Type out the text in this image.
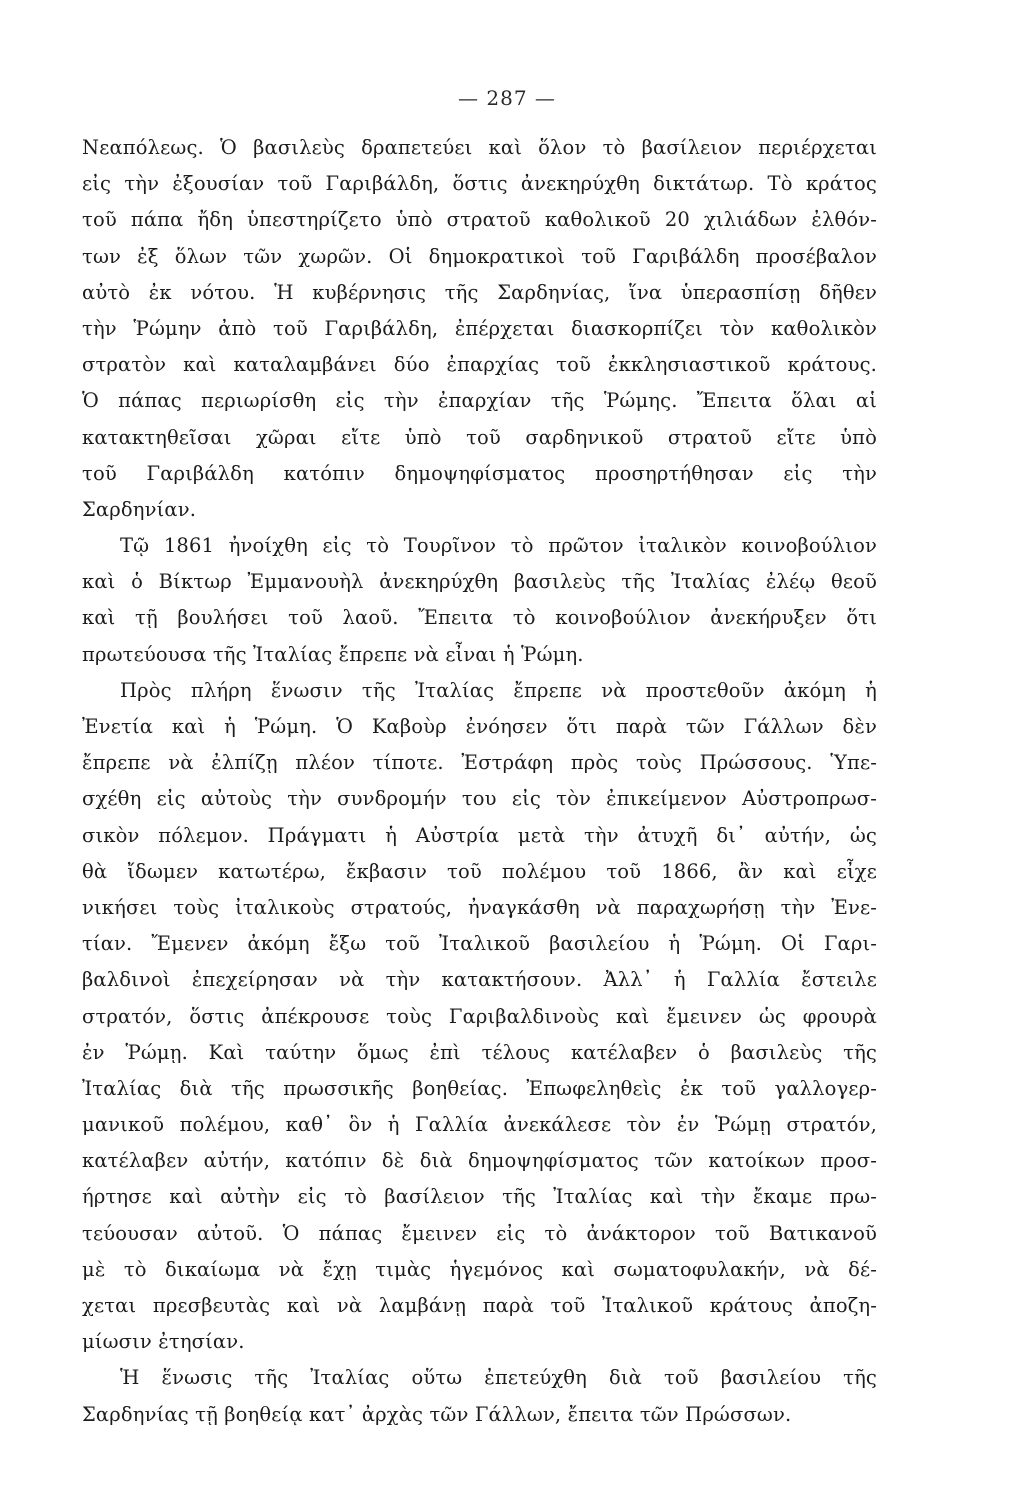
— 287 —
Νεαπόλεως. Ὁ βασιλεὺς δραπετεύει καὶ ὅλον τὸ βασίλειον περιέρχεται
εἰς τὴν ἐξουσίαν τοῦ Γαριβάλδη, ὅστις ἀνεκηρύχθη δικτάτωρ. Τὸ κράτος
τοῦ πάπα ἤδη ὑπεστηρίζετο ὑπὸ στρατοῦ καθολικοῦ 20 χιλιάδων ἐλθόν-
των ἐξ ὅλων τῶν χωρῶν. Οἱ δημοκρατικοὶ τοῦ Γαριβάλδη προσέβαλον
αὐτὸ ἐκ νότου. Ἡ κυβέρνησις τῆς Σαρδηνίας, ἵνα ὑπερασπίσῃ δῆθεν
τὴν Ῥώμην ἀπὸ τοῦ Γαριβάλδη, ἐπέρχεται διασκορπίζει τὸν καθολικὸν
στρατὸν καὶ καταλαμβάνει δύο ἐπαρχίας τοῦ ἐκκλησιαστικοῦ κράτους.
Ὁ πάπας περιωρίσθη εἰς τὴν ἐπαρχίαν τῆς Ῥώμης. Ἔπειτα ὅλαι αἱ
κατακτηθεῖσαι χῶραι εἴτε ὑπὸ τοῦ σαρδηνικοῦ στρατοῦ εἴτε ὑπὸ
τοῦ Γαριβάλδη κατόπιν δημοψηφίσματος προσηρτήθησαν εἰς τὴν
Σαρδηνίαν.
Τῷ 1861 ἠνοίχθη εἰς τὸ Τουρῖνον τὸ πρῶτον ἰταλικὸν κοινοβούλιον
καὶ ὁ Βίκτωρ Ἐμμανουὴλ ἀνεκηρύχθη βασιλεὺς τῆς Ἰταλίας ἐλέῳ θεοῦ
καὶ τῇ βουλήσει τοῦ λαοῦ. Ἔπειτα τὸ κοινοβούλιον ἀνεκήρυξεν ὅτι
πρωτεύουσα τῆς Ἰταλίας ἔπρεπε νὰ εἶναι ἡ Ῥώμη.
Πρὸς πλήρη ἕνωσιν τῆς Ἰταλίας ἔπρεπε νὰ προστεθοῦν ἀκόμη ἡ
Ἐνετία καὶ ἡ Ῥώμη. Ὁ Καβοὺρ ἐνόησεν ὅτι παρὰ τῶν Γάλλων δὲν
ἔπρεπε νὰ ἐλπίζῃ πλέον τίποτε. Ἐστράφη πρὸς τοὺς Πρώσσους. Ὑπε-
σχέθη εἰς αὐτοὺς τὴν συνδρομήν του εἰς τὸν ἐπικείμενον Αὐστροπρωσ-
σικὸν πόλεμον. Πράγματι ἡ Αὐστρία μετὰ τὴν ἀτυχῆ δι᾽ αὐτήν, ὡς
θὰ ἴδωμεν κατωτέρω, ἔκβασιν τοῦ πολέμου τοῦ 1866, ἂν καὶ εἶχε
νικήσει τοὺς ἰταλικοὺς στρατούς, ἠναγκάσθη νὰ παραχωρήσῃ τὴν Ἐνε-
τίαν. Ἔμενεν ἀκόμη ἔξω τοῦ Ἰταλικοῦ βασιλείου ἡ Ῥώμη. Οἱ Γαρι-
βαλδινοὶ ἐπεχείρησαν νὰ τὴν κατακτήσουν. Ἀλλ᾽ ἡ Γαλλία ἔστειλε
στρατόν, ὅστις ἀπέκρουσε τοὺς Γαριβαλδινοὺς καὶ ἔμεινεν ὡς φρουρὰ
ἐν Ῥώμῃ. Καὶ ταύτην ὅμως ἐπὶ τέλους κατέλαβεν ὁ βασιλεὺς τῆς
Ἰταλίας διὰ τῆς πρωσσικῆς βοηθείας. Ἐπωφεληθεὶς ἐκ τοῦ γαλλογερ-
μανικοῦ πολέμου, καθ᾽ ὃν ἡ Γαλλία ἀνεκάλεσε τὸν ἐν Ῥώμῃ στρατόν,
κατέλαβεν αὐτήν, κατόπιν δὲ διὰ δημοψηφίσματος τῶν κατοίκων προσ-
ήρτησε καὶ αὐτὴν εἰς τὸ βασίλειον τῆς Ἰταλίας καὶ τὴν ἔκαμε πρω-
τεύουσαν αὐτοῦ. Ὁ πάπας ἔμεινεν εἰς τὸ ἀνάκτορον τοῦ Βατικανοῦ
μὲ τὸ δικαίωμα νὰ ἔχῃ τιμὰς ἡγεμόνος καὶ σωματοφυλακήν, νὰ δέ-
χεται πρεσβευτὰς καὶ νὰ λαμβάνῃ παρὰ τοῦ Ἰταλικοῦ κράτους ἀποζη-
μίωσιν ἐτησίαν.
Ἡ ἕνωσις τῆς Ἰταλίας οὕτω ἐπετεύχθη διὰ τοῦ βασιλείου τῆς
Σαρδηνίας τῇ βοηθείᾳ κατ᾽ ἀρχὰς τῶν Γάλλων, ἔπειτα τῶν Πρώσσων.
